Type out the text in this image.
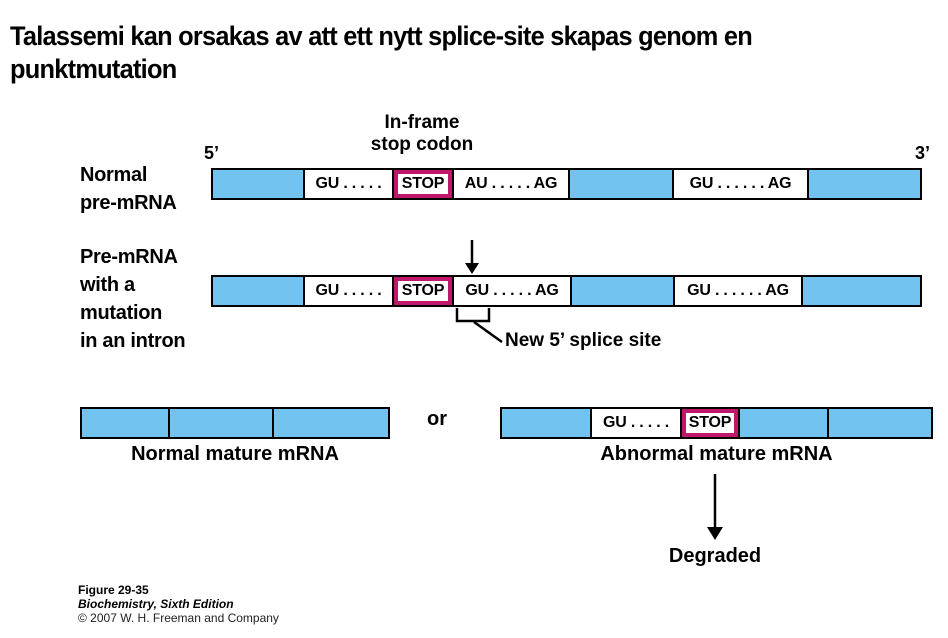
Talassemi kan orsakas av att ett nytt splice-site skapas genom en
punktmutation
In-frame
stop codon
5’	3’
Normal
pre-mRNA
GU . . . . .	STOP	AU . . . . . AG	GU . . . . . . AG
Pre-mRNA
with a
mutation
in an intron
GU . . . . .	STOP	GU . . . . . AG	GU . . . . . . AG
New 5’ splice site
or	GU . . . . .	STOP
Normal mature mRNA	Abnormal mature mRNA
Degraded
Figure 29-35
Biochemistry, Sixth Edition
© 2007 W. H. Freeman and Company
